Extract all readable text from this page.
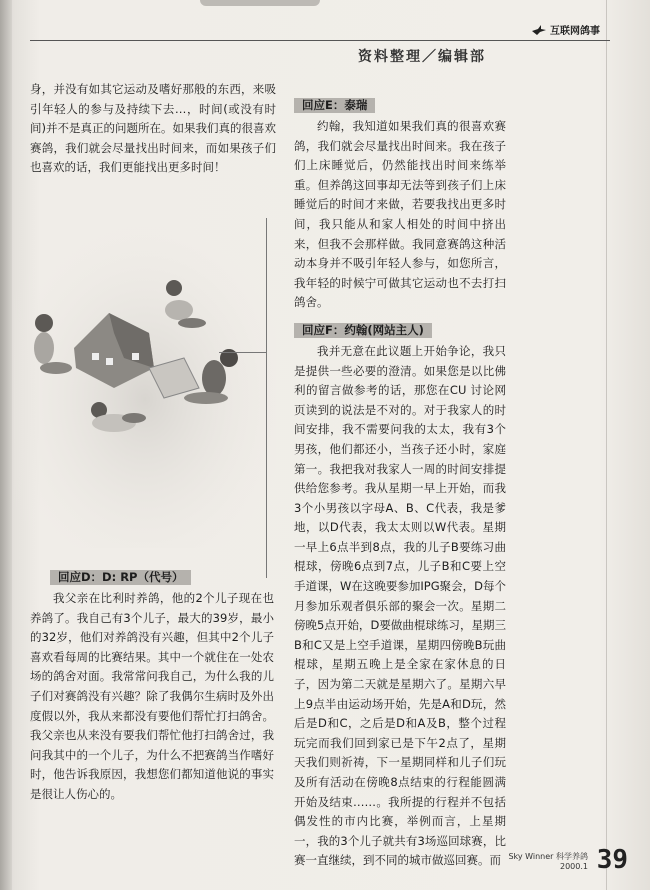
互联网鸽事
资料整理／编辑部

身，并没有如其它运动及嗜好那般的东西，来吸引年轻人的参与及持续下去…，时间(或没有时间)并不是真正的问题所在。如果我们真的很喜欢赛鸽，我们就会尽量找出时间来，而如果孩子们也喜欢的话，我们更能找出更多时间！

回应D：D: RP（代号）

我父亲在比利时养鸽，他的2个儿子现在也养鸽了。我自己有3个儿子，最大的39岁，最小的32岁，他们对养鸽没有兴趣，但其中2个儿子喜欢看每周的比赛结果。其中一个就住在一处农场的鸽舍对面。我常常问我自己，为什么我的儿子们对赛鸽没有兴趣？除了我偶尔生病时及外出度假以外，我从来都没有要他们帮忙打扫鸽舍。我父亲也从来没有要我们帮忙他打扫鸽舍过，我问我其中的一个儿子，为什么不把赛鸽当作嗜好时，他告诉我原因，我想您们都知道他说的事实是很让人伤心的。

回应E：泰瑞

约翰，我知道如果我们真的很喜欢赛鸽，我们就会尽量找出时间来。我在孩子们上床睡觉后，仍然能找出时间来练举重。但养鸽这回事却无法等到孩子们上床睡觉后的时间才来做，若要我找出更多时间，我只能从和家人相处的时间中挤出来，但我不会那样做。我同意赛鸽这种活动本身并不吸引年轻人参与，如您所言，我年轻的时候宁可做其它运动也不去打扫鸽舍。

回应F：约翰(网站主人)

我并无意在此议题上开始争论，我只是提供一些必要的澄清。如果您是以比佛利的留言做参考的话，那您在CU 讨论网页读到的说法是不对的。对于我家人的时间安排，我不需要问我的太太，我有3个男孩，他们都还小，当孩子还小时，家庭第一。我把我对我家人一周的时间安排提供给您参考。我从星期一早上开始，而我3个小男孩以字母A、B、C代表，我是爹地，以D代表，我太太则以W代表。星期一早上6点半到8点，我的儿子B要练习曲棍球，傍晚6点到7点，儿子B和C要上空手道课，W在这晚要参加IPG聚会，D每个月参加乐观者俱乐部的聚会一次。星期二傍晚5点开始，D要做曲棍球练习，星期三B和C又是上空手道课，星期四傍晚B玩曲棍球，星期五晚上是全家在家休息的日子，因为第二天就是星期六了。星期六早上9点半由运动场开始，先是A和D玩，然后是D和C，之后是D和A及B，整个过程玩完而我们回到家已是下午2点了，星期天我们则祈祷，下一星期同样和儿子们玩及所有活动在傍晚8点结束的行程能圆满开始及结束……。我所提的行程并不包括偶发性的市内比赛，举例而言，上星期一，我的3个儿子就共有3场巡回球赛，比赛一直继续，到不同的城市做巡回赛。而 Sky Winner 科学养鸽
2000.1 39
